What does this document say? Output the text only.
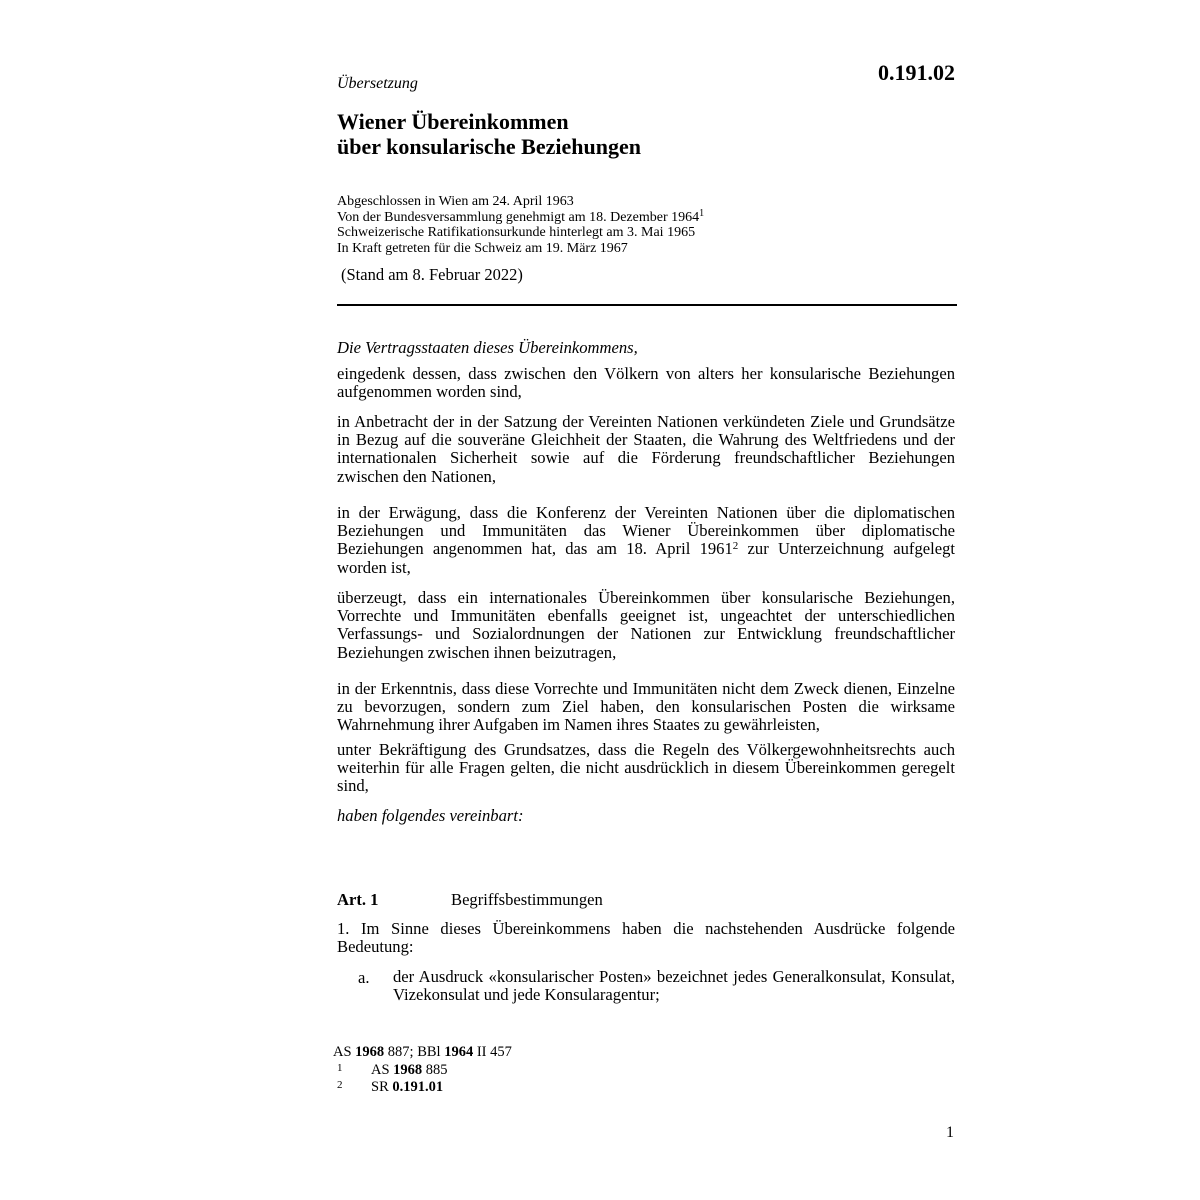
Übersetzung	0.191.02
Wiener Übereinkommen
über konsularische Beziehungen
Abgeschlossen in Wien am 24. April 1963
Von der Bundesversammlung genehmigt am 18. Dezember 1964$^1$
Schweizerische Ratifikationsurkunde hinterlegt am 3. Mai 1965
In Kraft getreten für die Schweiz am 19. März 1967
(Stand am 8. Februar 2022)
Die Vertragsstaaten dieses Übereinkommens,
eingedenk dessen, dass zwischen den Völkern von alters her konsularische Beziehungen aufgenommen worden sind,
in Anbetracht der in der Satzung der Vereinten Nationen verkündeten Ziele und Grundsätze in Bezug auf die souveräne Gleichheit der Staaten, die Wahrung des Weltfriedens und der internationalen Sicherheit sowie auf die Förderung freundschaftlicher Beziehungen zwischen den Nationen,
in der Erwägung, dass die Konferenz der Vereinten Nationen über die diplomatischen Beziehungen und Immunitäten das Wiener Übereinkommen über diplomatische Beziehungen angenommen hat, das am 18. April 1961$^2$ zur Unterzeichnung aufgelegt worden ist,
überzeugt, dass ein internationales Übereinkommen über konsularische Beziehungen, Vorrechte und Immunitäten ebenfalls geeignet ist, ungeachtet der unterschiedlichen Verfassungs- und Sozialordnungen der Nationen zur Entwicklung freundschaftlicher Beziehungen zwischen ihnen beizutragen,
in der Erkenntnis, dass diese Vorrechte und Immunitäten nicht dem Zweck dienen, Einzelne zu bevorzugen, sondern zum Ziel haben, den konsularischen Posten die wirksame Wahrnehmung ihrer Aufgaben im Namen ihres Staates zu gewährleisten,
unter Bekräftigung des Grundsatzes, dass die Regeln des Völkergewohnheitsrechts auch weiterhin für alle Fragen gelten, die nicht ausdrücklich in diesem Übereinkommen geregelt sind,
haben folgendes vereinbart:
Art. 1	Begriffsbestimmungen
1. Im Sinne dieses Übereinkommens haben die nachstehenden Ausdrücke folgende Bedeutung:
a. der Ausdruck «konsularischer Posten» bezeichnet jedes Generalkonsulat, Konsulat, Vizekonsulat und jede Konsularagentur;
AS 1968 887; BBl 1964 II 457
1 AS 1968 885
2 SR 0.191.01
1
